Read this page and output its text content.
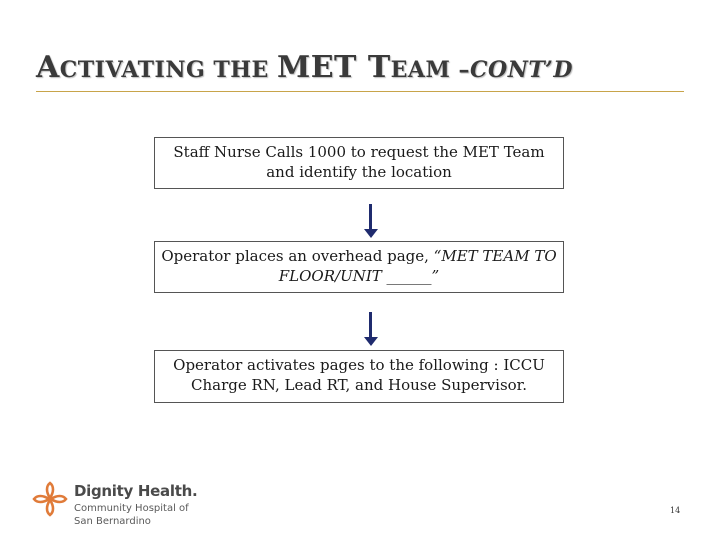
ACTIVATING THE MET TEAM –CONT’D
Staff Nurse Calls 1000 to request the MET Team
and identify the location
Operator places an overhead page, “MET TEAM TO
FLOOR/UNIT ______”
Operator activates pages to the following : ICCU
Charge RN, Lead RT, and House Supervisor.
Dignity Health.
Community Hospital of
San Bernardino
14
